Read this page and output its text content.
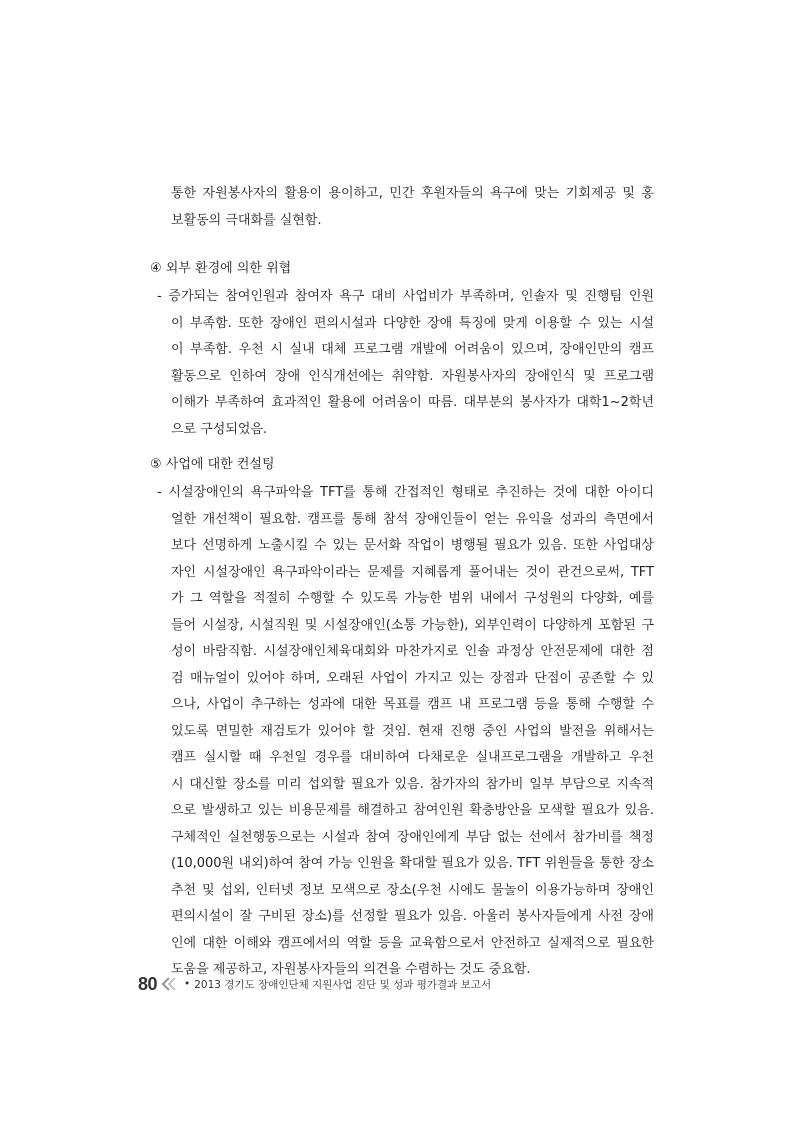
통한 자원봉사자의 활용이 용이하고, 민간 후원자들의 욕구에 맞는 기회제공 및 홍
보활동의 극대화를 실현함.
④ 외부 환경에 의한 위협
- 증가되는 참여인원과 참여자 욕구 대비 사업비가 부족하며, 인솔자 및 진행팀 인원
이 부족함. 또한 장애인 편의시설과 다양한 장애 특징에 맞게 이용할 수 있는 시설
이 부족함. 우천 시 실내 대체 프로그램 개발에 어려움이 있으며, 장애인만의 캠프
활동으로 인하여 장애 인식개선에는 취약함. 자원봉사자의 장애인식 및 프로그램
이해가 부족하여 효과적인 활용에 어려움이 따름. 대부분의 봉사자가 대학1~2학년
으로 구성되었음.
⑤ 사업에 대한 컨설팅
- 시설장애인의 욕구파악을 TFT를 통해 간접적인 형태로 추진하는 것에 대한 아이디
얼한 개선책이 필요함. 캠프를 통해 참석 장애인들이 얻는 유익을 성과의 측면에서
보다 선명하게 노출시킬 수 있는 문서화 작업이 병행될 필요가 있음. 또한 사업대상
자인 시설장애인 욕구파악이라는 문제를 지혜롭게 풀어내는 것이 관건으로써, TFT
가 그 역할을 적절히 수행할 수 있도록 가능한 범위 내에서 구성원의 다양화, 예를
들어 시설장, 시설직원 및 시설장애인(소통 가능한), 외부인력이 다양하게 포함된 구
성이 바람직함. 시설장애인체육대회와 마찬가지로 인솔 과정상 안전문제에 대한 점
검 매뉴얼이 있어야 하며, 오래된 사업이 가지고 있는 장점과 단점이 공존할 수 있
으나, 사업이 추구하는 성과에 대한 목표를 캠프 내 프로그램 등을 통해 수행할 수
있도록 면밀한 재검토가 있어야 할 것임. 현재 진행 중인 사업의 발전을 위해서는
캠프 실시할 때 우천일 경우를 대비하여 다채로운 실내프로그램을 개발하고 우천
시 대신할 장소를 미리 섭외할 필요가 있음. 참가자의 참가비 일부 부담으로 지속적
으로 발생하고 있는 비용문제를 해결하고 참여인원 확충방안을 모색할 필요가 있음.
구체적인 실천행동으로는 시설과 참여 장애인에게 부담 없는 선에서 참가비를 책정
(10,000원 내외)하여 참여 가능 인원을 확대할 필요가 있음. TFT 위원들을 통한 장소
추천 및 섭외, 인터넷 정보 모색으로 장소(우천 시에도 물놀이 이용가능하며 장애인
편의시설이 잘 구비된 장소)를 선정할 필요가 있음. 아울러 봉사자들에게 사전 장애
인에 대한 이해와 캠프에서의 역할 등을 교육함으로서 안전하고 실제적으로 필요한
도움을 제공하고, 자원봉사자들의 의견을 수렴하는 것도 중요함.
80	• 2013 경기도 장애인단체 지원사업 진단 및 성과 평가결과 보고서
